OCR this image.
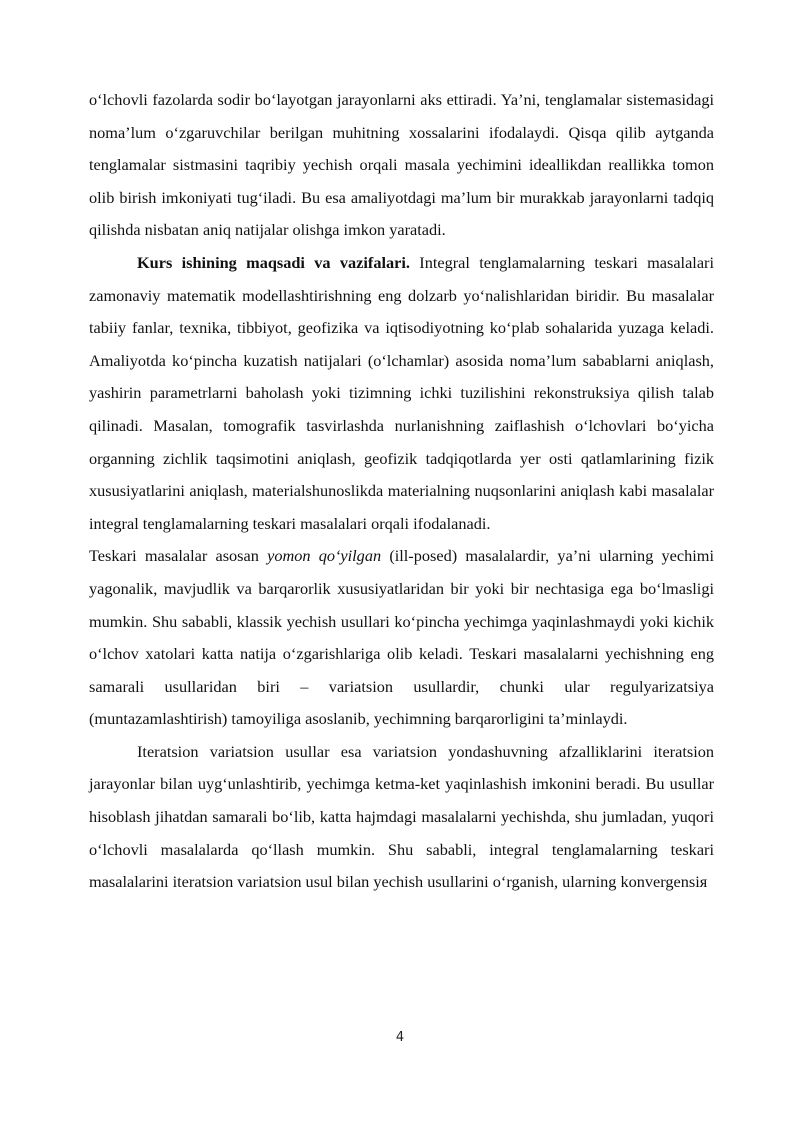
o‘lchovli fazolarda sodir bo‘layotgan jarayonlarni aks ettiradi. Ya’ni, tenglamalar sistemasidagi noma’lum o‘zgaruvchilar berilgan muhitning xossalarini ifodalaydi. Qisqa qilib aytganda tenglamalar sistmasini taqribiy yechish orqali masala yechimini ideallikdan reallikka tomon olib birish imkoniyati tug‘iladi. Bu esa amaliyotdagi ma’lum bir murakkab jarayonlarni tadqiq qilishda nisbatan aniq natijalar olishga imkon yaratadi.

Kurs ishining maqsadi va vazifalari. Integral tenglamalarning teskari masalalari zamonaviy matematik modellashtirishning eng dolzarb yo‘nalishlaridan biridir. Bu masalalar tabiiy fanlar, texnika, tibbiyot, geofizika va iqtisodiyotning ko‘plab sohalarida yuzaga keladi. Amaliyotda ko‘pincha kuzatish natijalari (o‘lchamlar) asosida noma’lum sabablarni aniqlash, yashirin parametrlarni baholash yoki tizimning ichki tuzilishini rekonstruksiya qilish talab qilinadi. Masalan, tomografik tasvirlashda nurlanishning zaiflashish o‘lchovlari bo‘yicha organning zichlik taqsimotini aniqlash, geofizik tadqiqotlarda yer osti qatlamlarining fizik xususiyatlarini aniqlash, materialshunoslikda materialning nuqsonlarini aniqlash kabi masalalar integral tenglamalarning teskari masalalari orqali ifodalanadi.

Teskari masalalar asosan yomon qo‘yilgan (ill-posed) masalalardir, ya’ni ularning yechimi yagonalik, mavjudlik va barqarorlik xususiyatlaridan bir yoki bir nechtasiga ega bo‘lmasligi mumkin. Shu sababli, klassik yechish usullari ko‘pincha yechimga yaqinlashmaydi yoki kichik o‘lchov xatolari katta natija o‘zgarishlariga olib keladi. Teskari masalalarni yechishning eng samarali usullaridan biri – variatsion usullardir, chunki ular regulyarizatsiya (muntazamlashtirish) tamoyiliga asoslanib, yechimning barqarorligini ta’minlaydi.

Iteratsion variatsion usullar esa variatsion yondashuvning afzalliklarini iteratsion jarayonlar bilan uyg‘unlashtirib, yechimga ketma-ket yaqinlashish imkonini beradi. Bu usullar hisoblash jihatdan samarali bo‘lib, katta hajmdagi masalalarni yechishda, shu jumladan, yuqori o‘lchovli masalalarda qo‘llash mumkin. Shu sababli, integral tenglamalarning teskari masalalarini iteratsion variatsion usul bilan yechish usullarini o‘rganish, ularning konvergensiя

4
